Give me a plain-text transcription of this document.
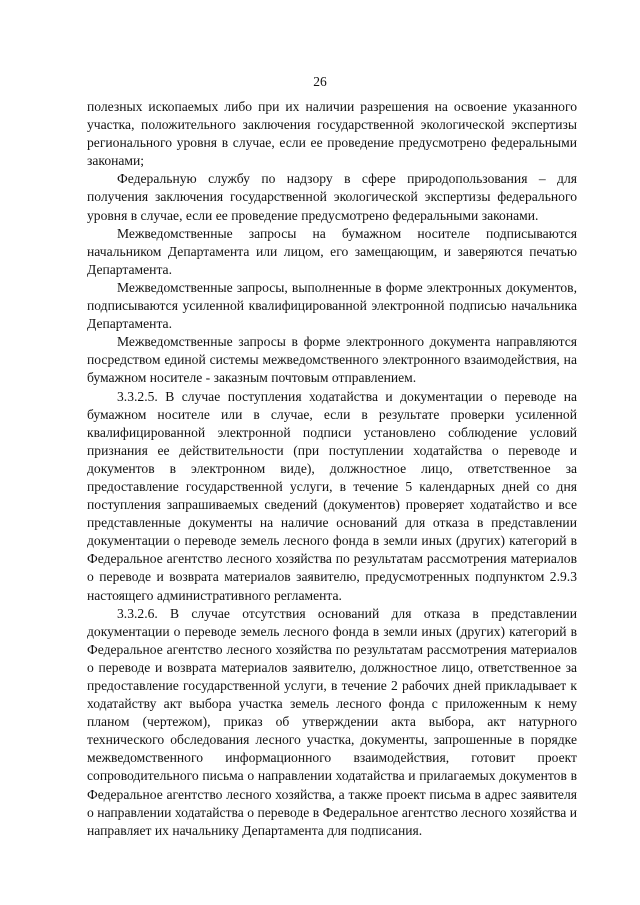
26

полезных ископаемых либо при их наличии разрешения на освоение указанного участка, положительного заключения государственной экологической экспертизы регионального уровня в случае, если ее проведение предусмотрено федеральными законами;

Федеральную службу по надзору в сфере природопользования – для получения заключения государственной экологической экспертизы федерального уровня в случае, если ее проведение предусмотрено федеральными законами.

Межведомственные запросы на бумажном носителе подписываются начальником Департамента или лицом, его замещающим, и заверяются печатью Департамента.

Межведомственные запросы, выполненные в форме электронных документов, подписываются усиленной квалифицированной электронной подписью начальника Департамента.

Межведомственные запросы в форме электронного документа направляются посредством единой системы межведомственного электронного взаимодействия, на бумажном носителе - заказным почтовым отправлением.

3.3.2.5. В случае поступления ходатайства и документации о переводе на бумажном носителе или в случае, если в результате проверки усиленной квалифицированной электронной подписи установлено соблюдение условий признания ее действительности (при поступлении ходатайства о переводе и документов в электронном виде), должностное лицо, ответственное за предоставление государственной услуги, в течение 5 календарных дней со дня поступления запрашиваемых сведений (документов) проверяет ходатайство и все представленные документы на наличие оснований для отказа в представлении документации о переводе земель лесного фонда в земли иных (других) категорий в Федеральное агентство лесного хозяйства по результатам рассмотрения материалов о переводе и возврата материалов заявителю, предусмотренных подпунктом 2.9.3 настоящего административного регламента.

3.3.2.6. В случае отсутствия оснований для отказа в представлении документации о переводе земель лесного фонда в земли иных (других) категорий в Федеральное агентство лесного хозяйства по результатам рассмотрения материалов о переводе и возврата материалов заявителю, должностное лицо, ответственное за предоставление государственной услуги, в течение 2 рабочих дней прикладывает к ходатайству акт выбора участка земель лесного фонда с приложенным к нему планом (чертежом), приказ об утверждении акта выбора, акт натурного технического обследования лесного участка, документы, запрошенные в порядке межведомственного информационного взаимодействия, готовит проект сопроводительного письма о направлении ходатайства и прилагаемых документов в Федеральное агентство лесного хозяйства, а также проект письма в адрес заявителя о направлении ходатайства о переводе в Федеральное агентство лесного хозяйства и направляет их начальнику Департамента для подписания.
